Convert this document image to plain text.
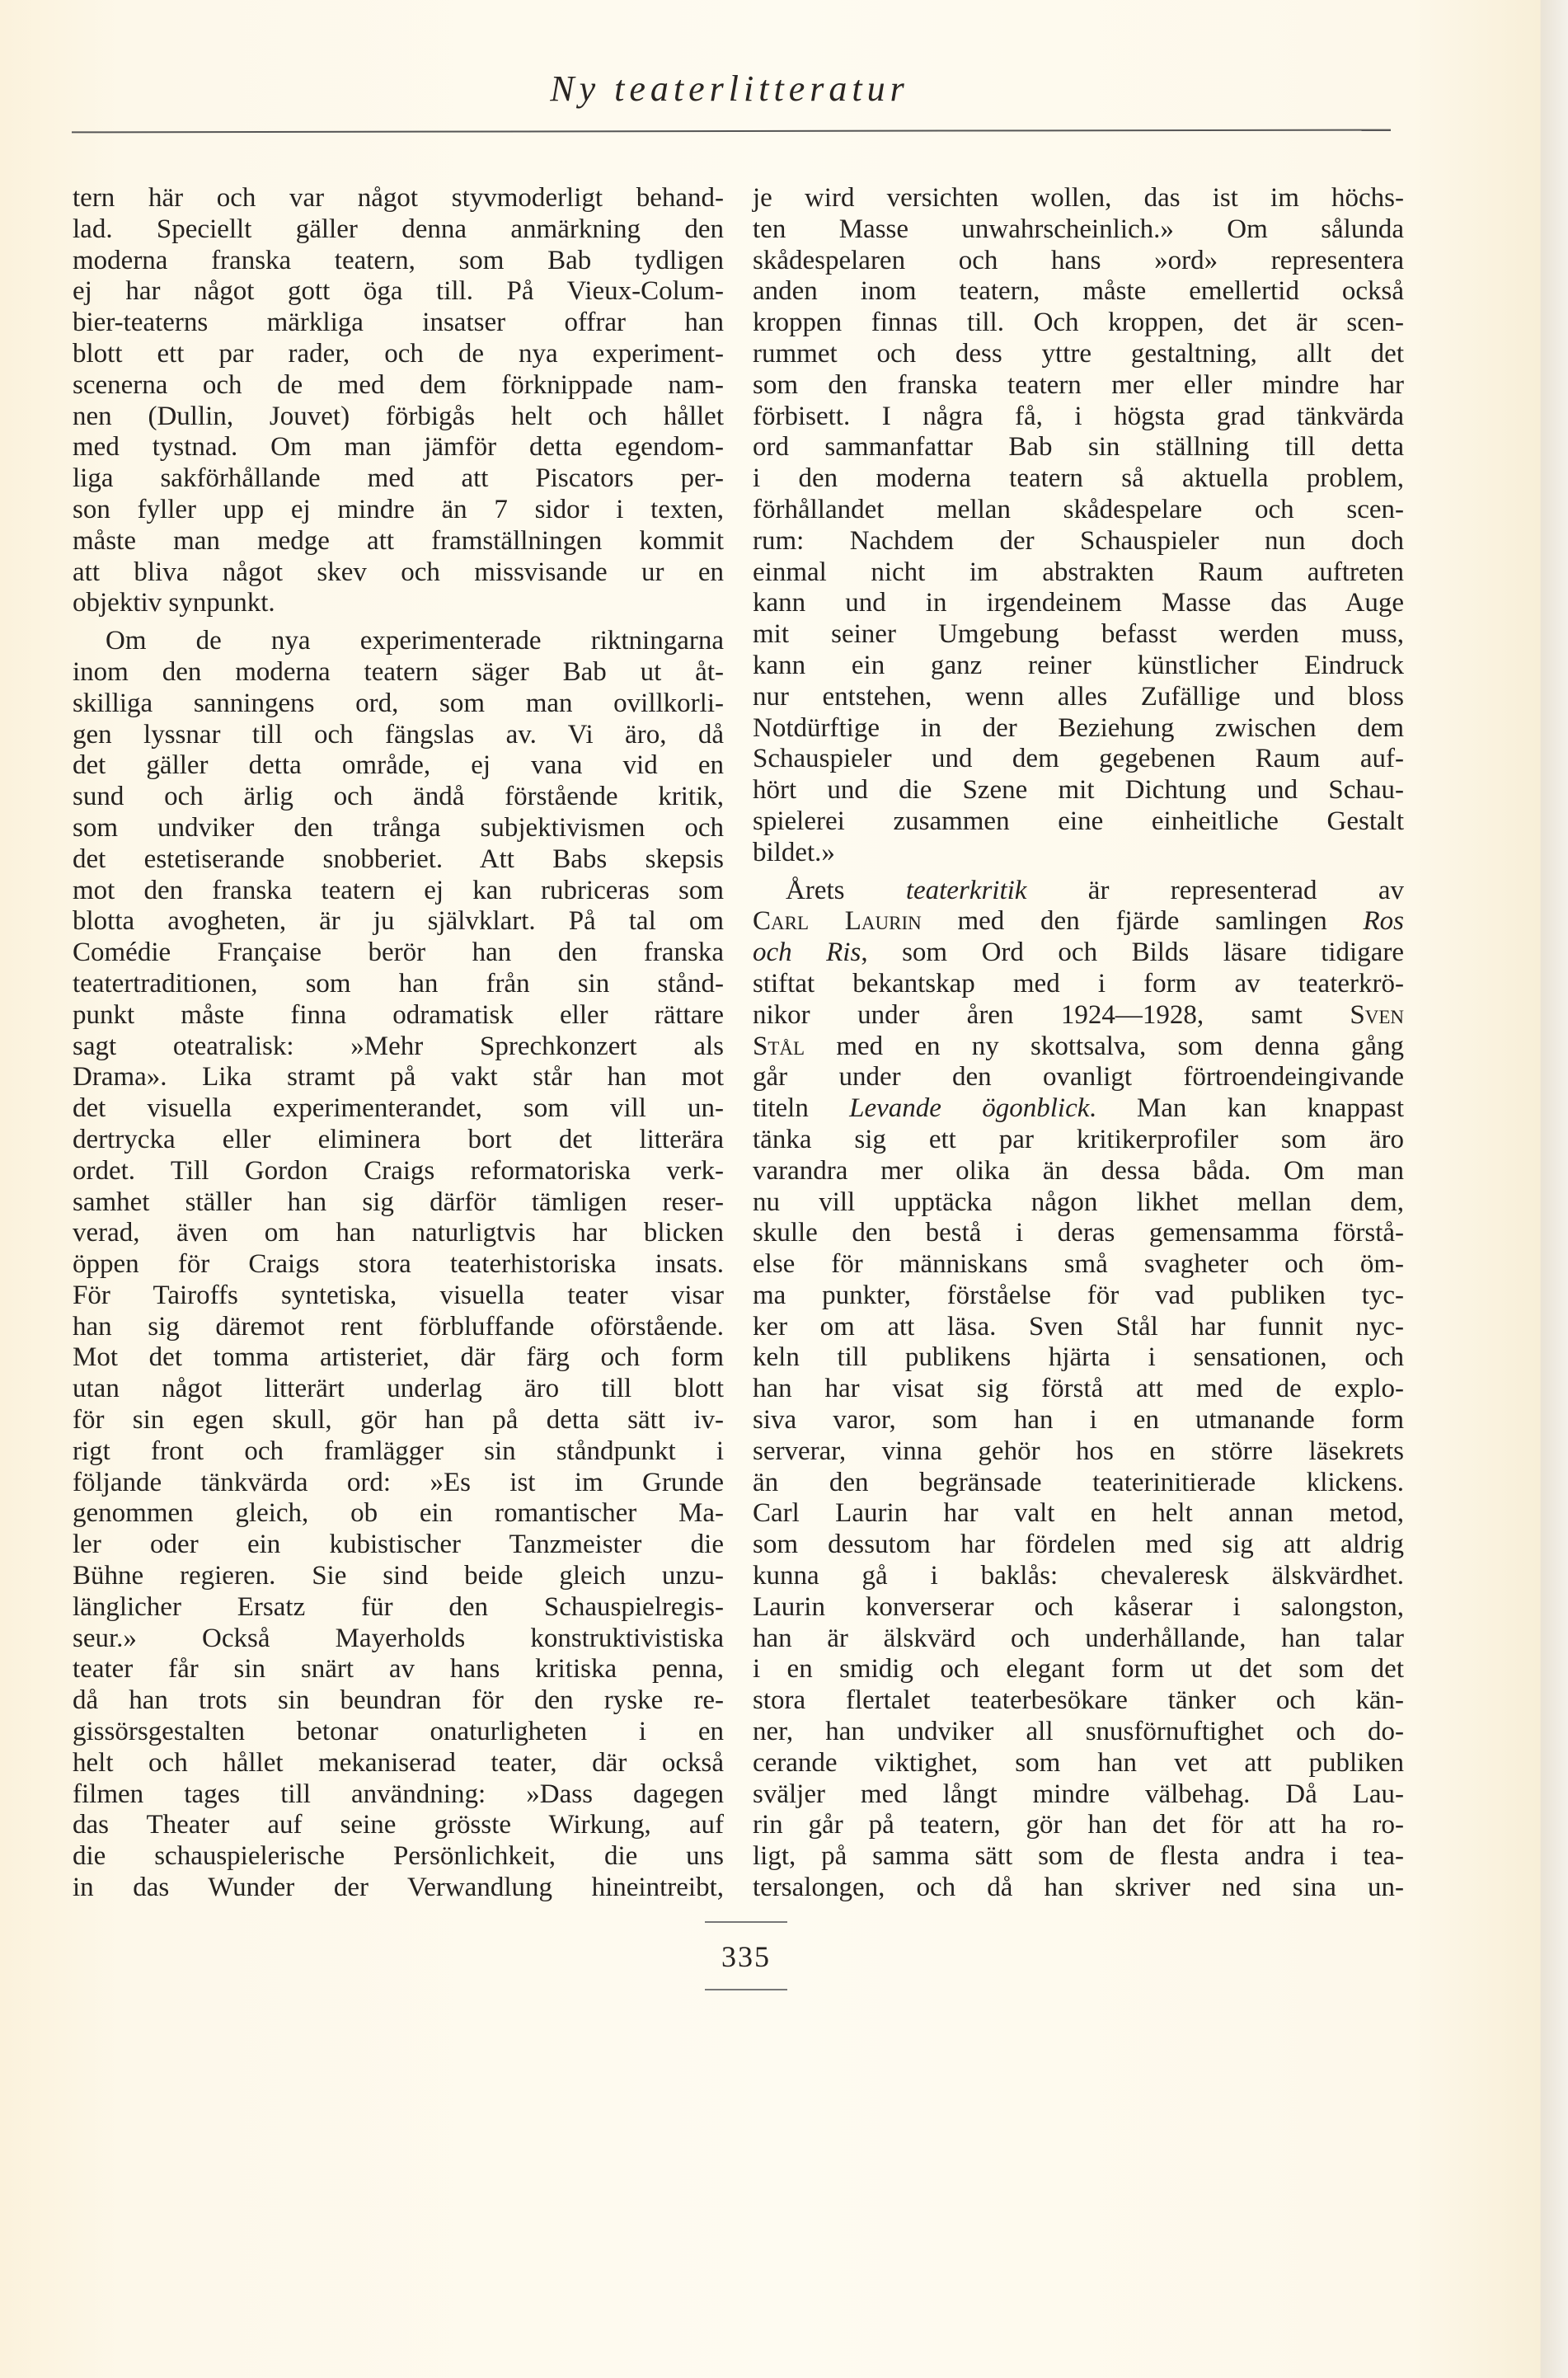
Ny teaterlitteratur
tern här och var något styvmoderligt behand-
lad. Speciellt gäller denna anmärkning den
moderna franska teatern, som Bab tydligen
ej har något gott öga till. På Vieux-Colum-
bier-teaterns märkliga insatser offrar han
blott ett par rader, och de nya experiment-
scenerna och de med dem förknippade nam-
nen (Dullin, Jouvet) förbigås helt och hållet
med tystnad. Om man jämför detta egendom-
liga sakförhållande med att Piscators per-
son fyller upp ej mindre än 7 sidor i texten,
måste man medge att framställningen kommit
att bliva något skev och missvisande ur en
objektiv synpunkt.
Om de nya experimenterade riktningarna
inom den moderna teatern säger Bab ut åt-
skilliga sanningens ord, som man ovillkorli-
gen lyssnar till och fängslas av. Vi äro, då
det gäller detta område, ej vana vid en
sund och ärlig och ändå förstående kritik,
som undviker den trånga subjektivismen och
det estetiserande snobberiet. Att Babs skepsis
mot den franska teatern ej kan rubriceras som
blotta avogheten, är ju självklart. På tal om
Comédie Française berör han den franska
teatertraditionen, som han från sin stånd-
punkt måste finna odramatisk eller rättare
sagt oteatralisk: »Mehr Sprechkonzert als
Drama». Lika stramt på vakt står han mot
det visuella experimenterandet, som vill un-
dertrycka eller eliminera bort det litterära
ordet. Till Gordon Craigs reformatoriska verk-
samhet ställer han sig därför tämligen reser-
verad, även om han naturligtvis har blicken
öppen för Craigs stora teaterhistoriska insats.
För Tairoffs syntetiska, visuella teater visar
han sig däremot rent förbluffande oförstående.
Mot det tomma artisteriet, där färg och form
utan något litterärt underlag äro till blott
för sin egen skull, gör han på detta sätt iv-
rigt front och framlägger sin ståndpunkt i
följande tänkvärda ord: »Es ist im Grunde
genommen gleich, ob ein romantischer Ma-
ler oder ein kubistischer Tanzmeister die
Bühne regieren. Sie sind beide gleich unzu-
länglicher Ersatz für den Schauspielregis-
seur.» Också Mayerholds konstruktivistiska
teater får sin snärt av hans kritiska penna,
då han trots sin beundran för den ryske re-
gissörsgestalten betonar onaturligheten i en
helt och hållet mekaniserad teater, där också
filmen tages till användning: »Dass dagegen
das Theater auf seine grösste Wirkung, auf
die schauspielerische Persönlichkeit, die uns
in das Wunder der Verwandlung hineintreibt,
je wird versichten wollen, das ist im höchs-
ten Masse unwahrscheinlich.» Om sålunda
skådespelaren och hans »ord» representera
anden inom teatern, måste emellertid också
kroppen finnas till. Och kroppen, det är scen-
rummet och dess yttre gestaltning, allt det
som den franska teatern mer eller mindre har
förbisett. I några få, i högsta grad tänkvärda
ord sammanfattar Bab sin ställning till detta
i den moderna teatern så aktuella problem,
förhållandet mellan skådespelare och scen-
rum: Nachdem der Schauspieler nun doch
einmal nicht im abstrakten Raum auftreten
kann und in irgendeinem Masse das Auge
mit seiner Umgebung befasst werden muss,
kann ein ganz reiner künstlicher Eindruck
nur entstehen, wenn alles Zufällige und bloss
Notdürftige in der Beziehung zwischen dem
Schauspieler und dem gegebenen Raum auf-
hört und die Szene mit Dichtung und Schau-
spielerei zusammen eine einheitliche Gestalt
bildet.»
Årets teaterkritik är representerad av
Carl Laurin med den fjärde samlingen Ros
och Ris, som Ord och Bilds läsare tidigare
stiftat bekantskap med i form av teaterkrö-
nikor under åren 1924—1928, samt Sven
Stål med en ny skottsalva, som denna gång
går under den ovanligt förtroendeingivande
titeln Levande ögonblick. Man kan knappast
tänka sig ett par kritikerprofiler som äro
varandra mer olika än dessa båda. Om man
nu vill upptäcka någon likhet mellan dem,
skulle den bestå i deras gemensamma förstå-
else för människans små svagheter och öm-
ma punkter, förståelse för vad publiken tyc-
ker om att läsa. Sven Stål har funnit nyc-
keln till publikens hjärta i sensationen, och
han har visat sig förstå att med de explo-
siva varor, som han i en utmanande form
serverar, vinna gehör hos en större läsekrets
än den begränsade teaterinitierade klickens.
Carl Laurin har valt en helt annan metod,
som dessutom har fördelen med sig att aldrig
kunna gå i baklås: chevaleresk älskvärdhet.
Laurin konverserar och kåserar i salongston,
han är älskvärd och underhållande, han talar
i en smidig och elegant form ut det som det
stora flertalet teaterbesökare tänker och kän-
ner, han undviker all snusförnuftighet och do-
cerande viktighet, som han vet att publiken
sväljer med långt mindre välbehag. Då Lau-
rin går på teatern, gör han det för att ha ro-
ligt, på samma sätt som de flesta andra i tea-
tersalongen, och då han skriver ned sina un-
335
